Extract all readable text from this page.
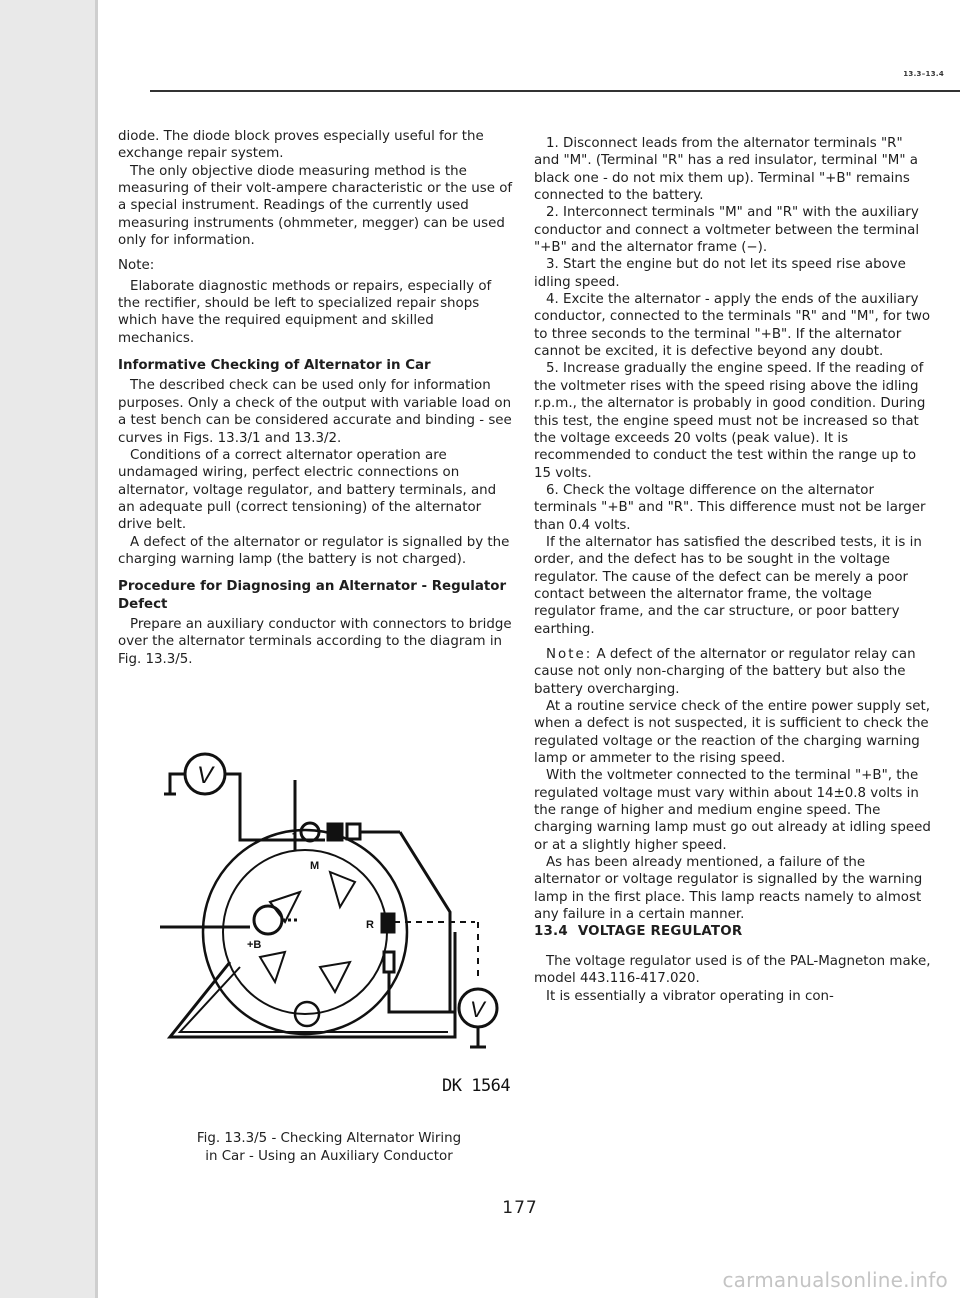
13.3–13.4

diode. The diode block proves especially useful for the exchange repair system.

The only objective diode measuring method is the measuring of their volt-ampere characteristic or the use of a special instrument. Readings of the currently used measuring instruments (ohmmeter, megger) can be used only for information.

Note:

Elaborate diagnostic methods or repairs, especially of the rectifier, should be left to specialized repair shops which have the required equipment and skilled mechanics.

Informative Checking of Alternator in Car

The described check can be used only for information purposes. Only a check of the output with variable load on a test bench can be considered accurate and binding - see curves in Figs. 13.3/1 and 13.3/2.

Conditions of a correct alternator operation are undamaged wiring, perfect electric connections on alternator, voltage regulator, and battery terminals, and an adequate pull (correct tensioning) of the alternator drive belt.

A defect of the alternator or regulator is signalled by the charging warning lamp (the battery is not charged).

Procedure for Diagnosing an Alternator - Regulator Defect

Prepare an auxiliary conductor with connectors to bridge over the alternator terminals according to the diagram in Fig. 13.3/5.

V
V
M
R
+B
-
DK 1564
Fig. 13.3/5 - Checking Alternator Wiring
in Car - Using an Auxiliary Conductor

1. Disconnect leads from the alternator terminals "R" and "M". (Terminal "R" has a red insulator, terminal "M" a black one - do not mix them up). Terminal "+B" remains connected to the battery.

2. Interconnect terminals "M" and "R" with the auxiliary conductor and connect a voltmeter between the terminal "+B" and the alternator frame (−).

3. Start the engine but do not let its speed rise above idling speed.

4. Excite the alternator - apply the ends of the auxiliary conductor, connected to the terminals "R" and "M", for two to three seconds to the terminal "+B". If the alternator cannot be excited, it is defective beyond any doubt.

5. Increase gradually the engine speed. If the reading of the voltmeter rises with the speed rising above the idling r.p.m., the alternator is probably in good condition. During this test, the engine speed must not be increased so that the voltage exceeds 20 volts (peak value). It is recommended to conduct the test within the range up to 15 volts.

6. Check the voltage difference on the alternator terminals "+B" and "R". This difference must not be larger than 0.4 volts.

If the alternator has satisfied the described tests, it is in order, and the defect has to be sought in the voltage regulator. The cause of the defect can be merely a poor contact between the alternator frame, the voltage regulator frame, and the car structure, or poor battery earthing.

Note: A defect of the alternator or regulator relay can cause not only non-charging of the battery but also the battery overcharging.

At a routine service check of the entire power supply set, when a defect is not suspected, it is sufficient to check the regulated voltage or the reaction of the charging warning lamp or ammeter to the rising speed.

With the voltmeter connected to the terminal "+B", the regulated voltage must vary within about 14±0.8 volts in the range of higher and medium engine speed. The charging warning lamp must go out already at idling speed or at a slightly higher speed.

As has been already mentioned, a failure of the alternator or voltage regulator is signalled by the warning lamp in the first place. This lamp reacts namely to almost any failure in a certain manner.

13.4 VOLTAGE REGULATOR

The voltage regulator used is of the PAL-Magneton make, model 443.116-417.020.

It is essentially a vibrator operating in con-

177
carmanualsonline.info
